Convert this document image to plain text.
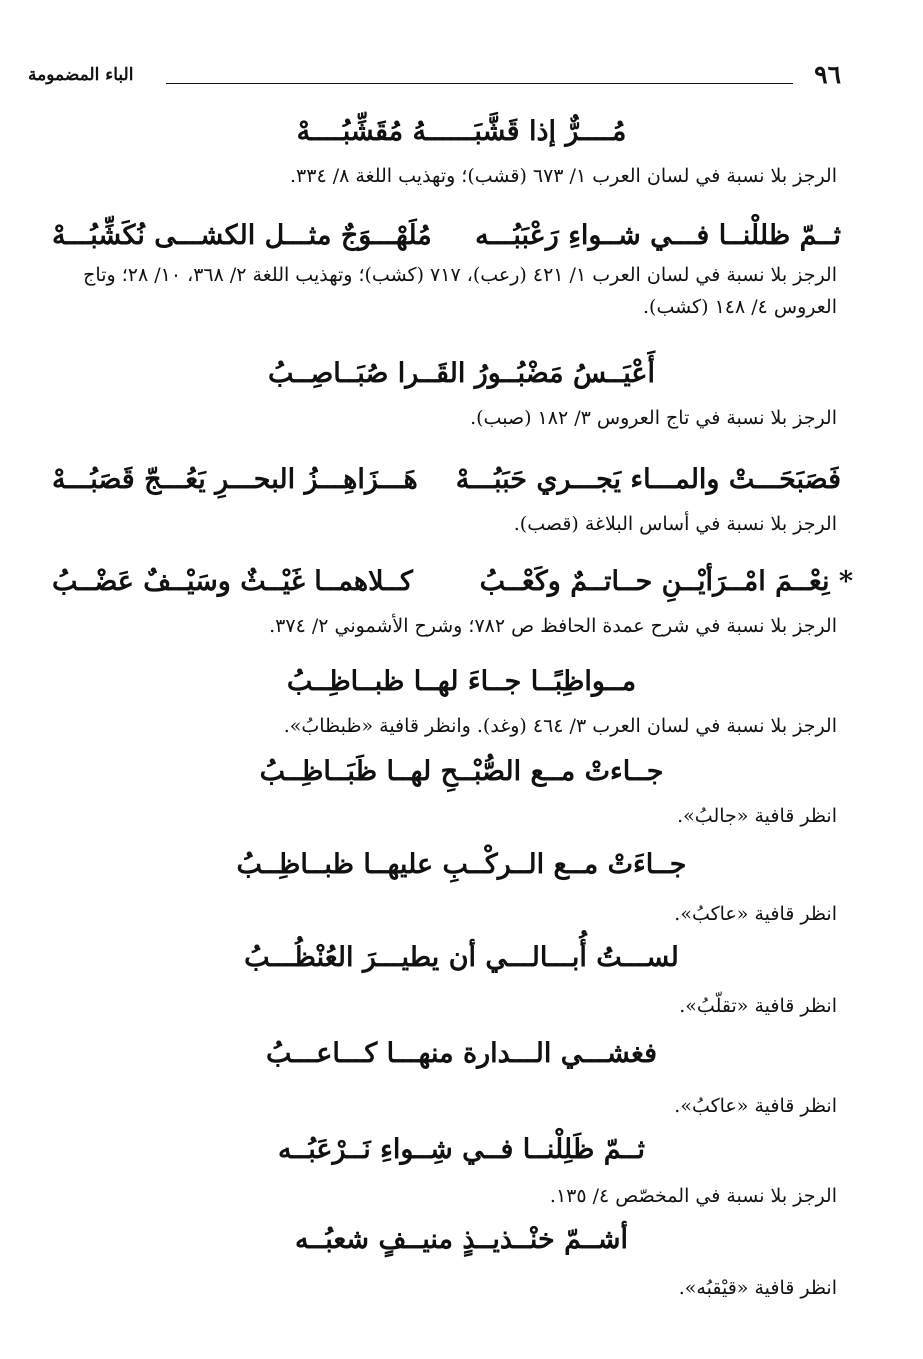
٩٦
الباء المضمومة
مُــــرٌّ إذا قَشَّبَــــــهُ مُقَشِّبُــــهْ
الرجز بلا نسبة في لسان العرب ١/ ٦٧٣ (قشب)؛ وتهذيب اللغة ٨/ ٣٣٤.
ثــمّ ظللْنــا فـــي شــواءِ رَعْبَبُـــه
مُلَهْـــوَجٌ مثـــل الكشـــى نُكَشِّبُـــهْ
الرجز بلا نسبة في لسان العرب ١/ ٤٢١ (رعب)، ٧١٧ (كشب)؛ وتهذيب اللغة ٢/ ٣٦٨، ١٠/ ٢٨؛ وتاج العروس ٤/ ١٤٨ (كشب).
أَعْيَــسُ مَضْبُــورُ القَــرا صُبَــاصِــبُ
الرجز بلا نسبة في تاج العروس ٣/ ١٨٢ (صبب).
فَصَبَحَـــتْ والمـــاء يَجـــري حَبَبُـــهْ
هَـــزَاهِـــزُ البحـــرِ يَعُـــجّ قَصَبُـــهْ
الرجز بلا نسبة في أساس البلاغة (قصب).
* نِعْــمَ امْــرَأيْــنِ حــاتــمٌ وكَعْــبُ
كــلاهمــا غَيْــثٌ وسَيْــفٌ عَضْــبُ
الرجز بلا نسبة في شرح عمدة الحافظ ص ٧٨٢؛ وشرح الأشموني ٢/ ٣٧٤.
مــواظِبًــا جــاءَ لهــا ظبــاظِــبُ
الرجز بلا نسبة في لسان العرب ٣/ ٤٦٤ (وغد). وانظر قافية «ظبظابُ».
جــاءتْ مــع الصُّبْــحِ لهــا ظَبَــاظِــبُ
انظر قافية «جالبُ».
جــاءَتْ مــع الــركْــبِ عليهــا ظبــاظِــبُ
انظر قافية «عاكبُ».
لســـتُ أُبـــالـــي أن يطيـــرَ العُنْظُـــبُ
انظر قافية «تقلّبُ».
فغشـــي الـــدارة منهـــا كـــاعـــبُ
انظر قافية «عاكبُ».
ثــمّ ظَلِلْنــا فــي شِــواءِ نَــرْعَبُــه
الرجز بلا نسبة في المخصّص ٤/ ١٣٥.
أشــمّ خنْــذيــذٍ منيــفٍ شعبُــه
انظر قافية «قيْقبُه».
